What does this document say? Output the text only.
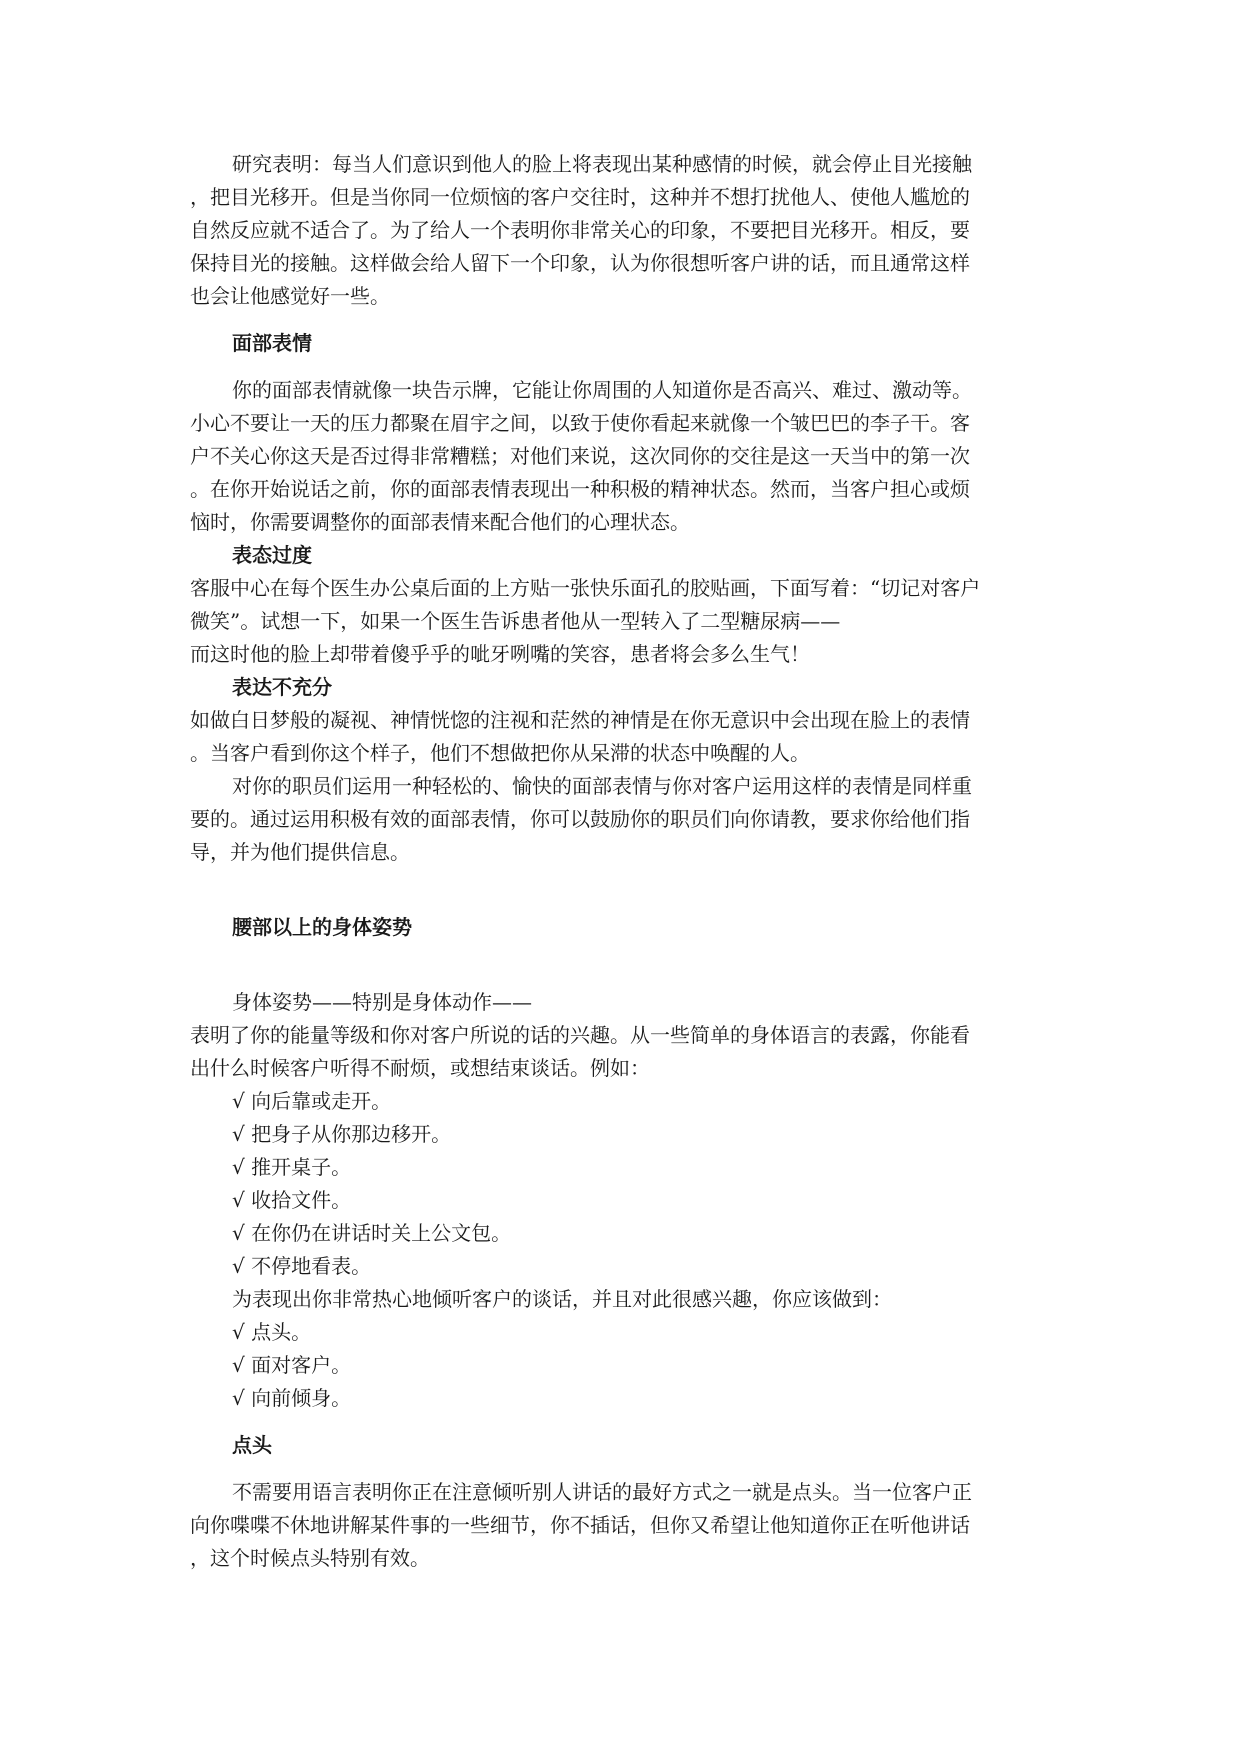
研究表明：每当人们意识到他人的脸上将表现出某种感情的时候，就会停止目光接触
，把目光移开。但是当你同一位烦恼的客户交往时，这种并不想打扰他人、使他人尴尬的
自然反应就不适合了。为了给人一个表明你非常关心的印象，不要把目光移开。相反，要
保持目光的接触。这样做会给人留下一个印象，认为你很想听客户讲的话，而且通常这样
也会让他感觉好一些。
面部表情
你的面部表情就像一块告示牌，它能让你周围的人知道你是否高兴、难过、激动等。
小心不要让一天的压力都聚在眉宇之间，以致于使你看起来就像一个皱巴巴的李子干。客
户不关心你这天是否过得非常糟糕；对他们来说，这次同你的交往是这一天当中的第一次
。在你开始说话之前，你的面部表情表现出一种积极的精神状态。然而，当客户担心或烦
恼时，你需要调整你的面部表情来配合他们的心理状态。
表态过度
客服中心在每个医生办公桌后面的上方贴一张快乐面孔的胶贴画，下面写着：“切记对客户
微笑”。试想一下，如果一个医生告诉患者他从一型转入了二型糖尿病——
而这时他的脸上却带着傻乎乎的呲牙咧嘴的笑容，患者将会多么生气！
表达不充分
如做白日梦般的凝视、神情恍惚的注视和茫然的神情是在你无意识中会出现在脸上的表情
。当客户看到你这个样子，他们不想做把你从呆滞的状态中唤醒的人。
对你的职员们运用一种轻松的、愉快的面部表情与你对客户运用这样的表情是同样重
要的。通过运用积极有效的面部表情，你可以鼓励你的职员们向你请教，要求你给他们指
导，并为他们提供信息。
腰部以上的身体姿势
身体姿势——特别是身体动作——
表明了你的能量等级和你对客户所说的话的兴趣。从一些简单的身体语言的表露，你能看
出什么时候客户听得不耐烦，或想结束谈话。例如：
√ 向后靠或走开。
√ 把身子从你那边移开。
√ 推开桌子。
√ 收拾文件。
√ 在你仍在讲话时关上公文包。
√ 不停地看表。
为表现出你非常热心地倾听客户的谈话，并且对此很感兴趣，你应该做到：
√ 点头。
√ 面对客户。
√ 向前倾身。
点头
不需要用语言表明你正在注意倾听别人讲话的最好方式之一就是点头。当一位客户正
向你喋喋不休地讲解某件事的一些细节，你不插话，但你又希望让他知道你正在听他讲话
，这个时候点头特别有效。
